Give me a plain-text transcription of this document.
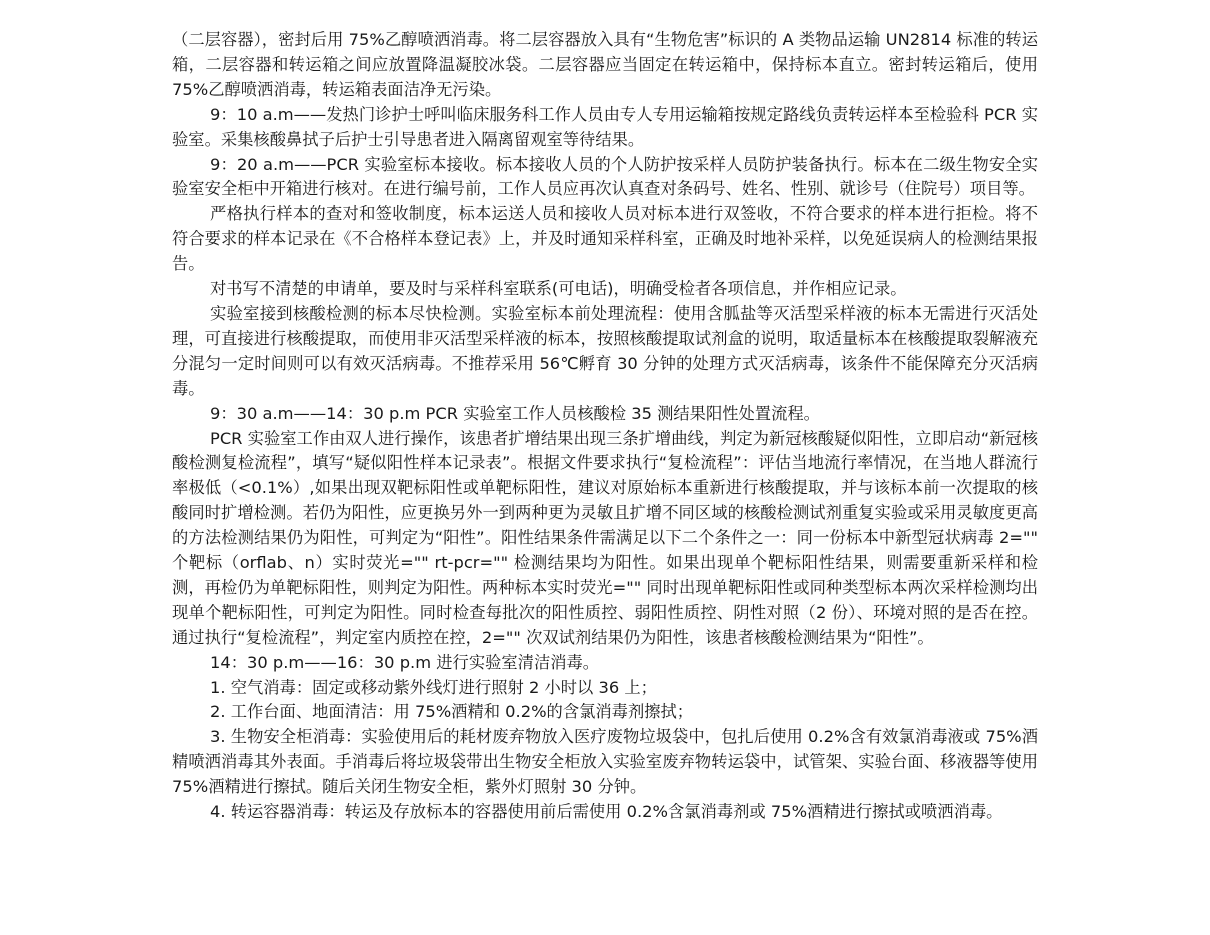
（二层容器），密封后用 75%乙醇喷洒消毒。将二层容器放入具有“生物危害”标识的 A 类物品运输 UN2814 标准的转运箱，二层容器和转运箱之间应放置降温凝胶冰袋。二层容器应当固定在转运箱中，保持标本直立。密封转运箱后，使用 75%乙醇喷洒消毒，转运箱表面洁净无污染。

9：10 a.m——发热门诊护士呼叫临床服务科工作人员由专人专用运输箱按规定路线负责转运样本至检验科 PCR 实验室。采集核酸鼻拭子后护士引导患者进入隔离留观室等待结果。

9：20 a.m——PCR 实验室标本接收。标本接收人员的个人防护按采样人员防护装备执行。标本在二级生物安全实验室安全柜中开箱进行核对。在进行编号前，工作人员应再次认真查对条码号、姓名、性别、就诊号（住院号）项目等。

严格执行样本的查对和签收制度，标本运送人员和接收人员对标本进行双签收，不符合要求的样本进行拒检。将不符合要求的样本记录在《不合格样本登记表》上，并及时通知采样科室，正确及时地补采样，以免延误病人的检测结果报告。

对书写不清楚的申请单，要及时与采样科室联系(可电话)，明确受检者各项信息，并作相应记录。

实验室接到核酸检测的标本尽快检测。实验室标本前处理流程：使用含胍盐等灭活型采样液的标本无需进行灭活处理，可直接进行核酸提取，而使用非灭活型采样液的标本，按照核酸提取试剂盒的说明，取适量标本在核酸提取裂解液充分混匀一定时间则可以有效灭活病毒。不推荐采用 56℃孵育 30 分钟的处理方式灭活病毒，该条件不能保障充分灭活病毒。

9：30 a.m——14：30 p.m PCR 实验室工作人员核酸检 35 测结果阳性处置流程。

PCR 实验室工作由双人进行操作，该患者扩增结果出现三条扩增曲线，判定为新冠核酸疑似阳性，立即启动“新冠核酸检测复检流程”，填写“疑似阳性样本记录表”。根据文件要求执行“复检流程”：评估当地流行率情况，在当地人群流行率极低（<0.1%）,如果出现双靶标阳性或单靶标阳性，建议对原始标本重新进行核酸提取，并与该标本前一次提取的核酸同时扩增检测。若仍为阳性，应更换另外一到两种更为灵敏且扩增不同区域的核酸检测试剂重复实验或采用灵敏度更高的方法检测结果仍为阳性，可判定为“阳性”。阳性结果条件需满足以下二个条件之一：同一份标本中新型冠状病毒 2="" 个靶标（orflab、n）实时荧光="" rt-pcr="" 检测结果均为阳性。如果出现单个靶标阳性结果，则需要重新采样和检测，再检仍为单靶标阳性，则判定为阳性。两种标本实时荧光="" 同时出现单靶标阳性或同种类型标本两次采样检测均出现单个靶标阳性，可判定为阳性。同时检查每批次的阳性质控、弱阳性质控、阴性对照（2 份）、环境对照的是否在控。通过执行“复检流程”，判定室内质控在控，2="" 次双试剂结果仍为阳性，该患者核酸检测结果为“阳性”。

14：30 p.m——16：30 p.m 进行实验室清洁消毒。

1. 空气消毒：固定或移动紫外线灯进行照射 2 小时以 36 上；

2. 工作台面、地面清洁：用 75%酒精和 0.2%的含氯消毒剂擦拭；

3. 生物安全柜消毒：实验使用后的耗材废弃物放入医疗废物垃圾袋中，包扎后使用 0.2%含有效氯消毒液或 75%酒精喷洒消毒其外表面。手消毒后将垃圾袋带出生物安全柜放入实验室废弃物转运袋中，试管架、实验台面、移液器等使用 75%酒精进行擦拭。随后关闭生物安全柜，紫外灯照射 30 分钟。

4. 转运容器消毒：转运及存放标本的容器使用前后需使用 0.2%含氯消毒剂或 75%酒精进行擦拭或喷洒消毒。
